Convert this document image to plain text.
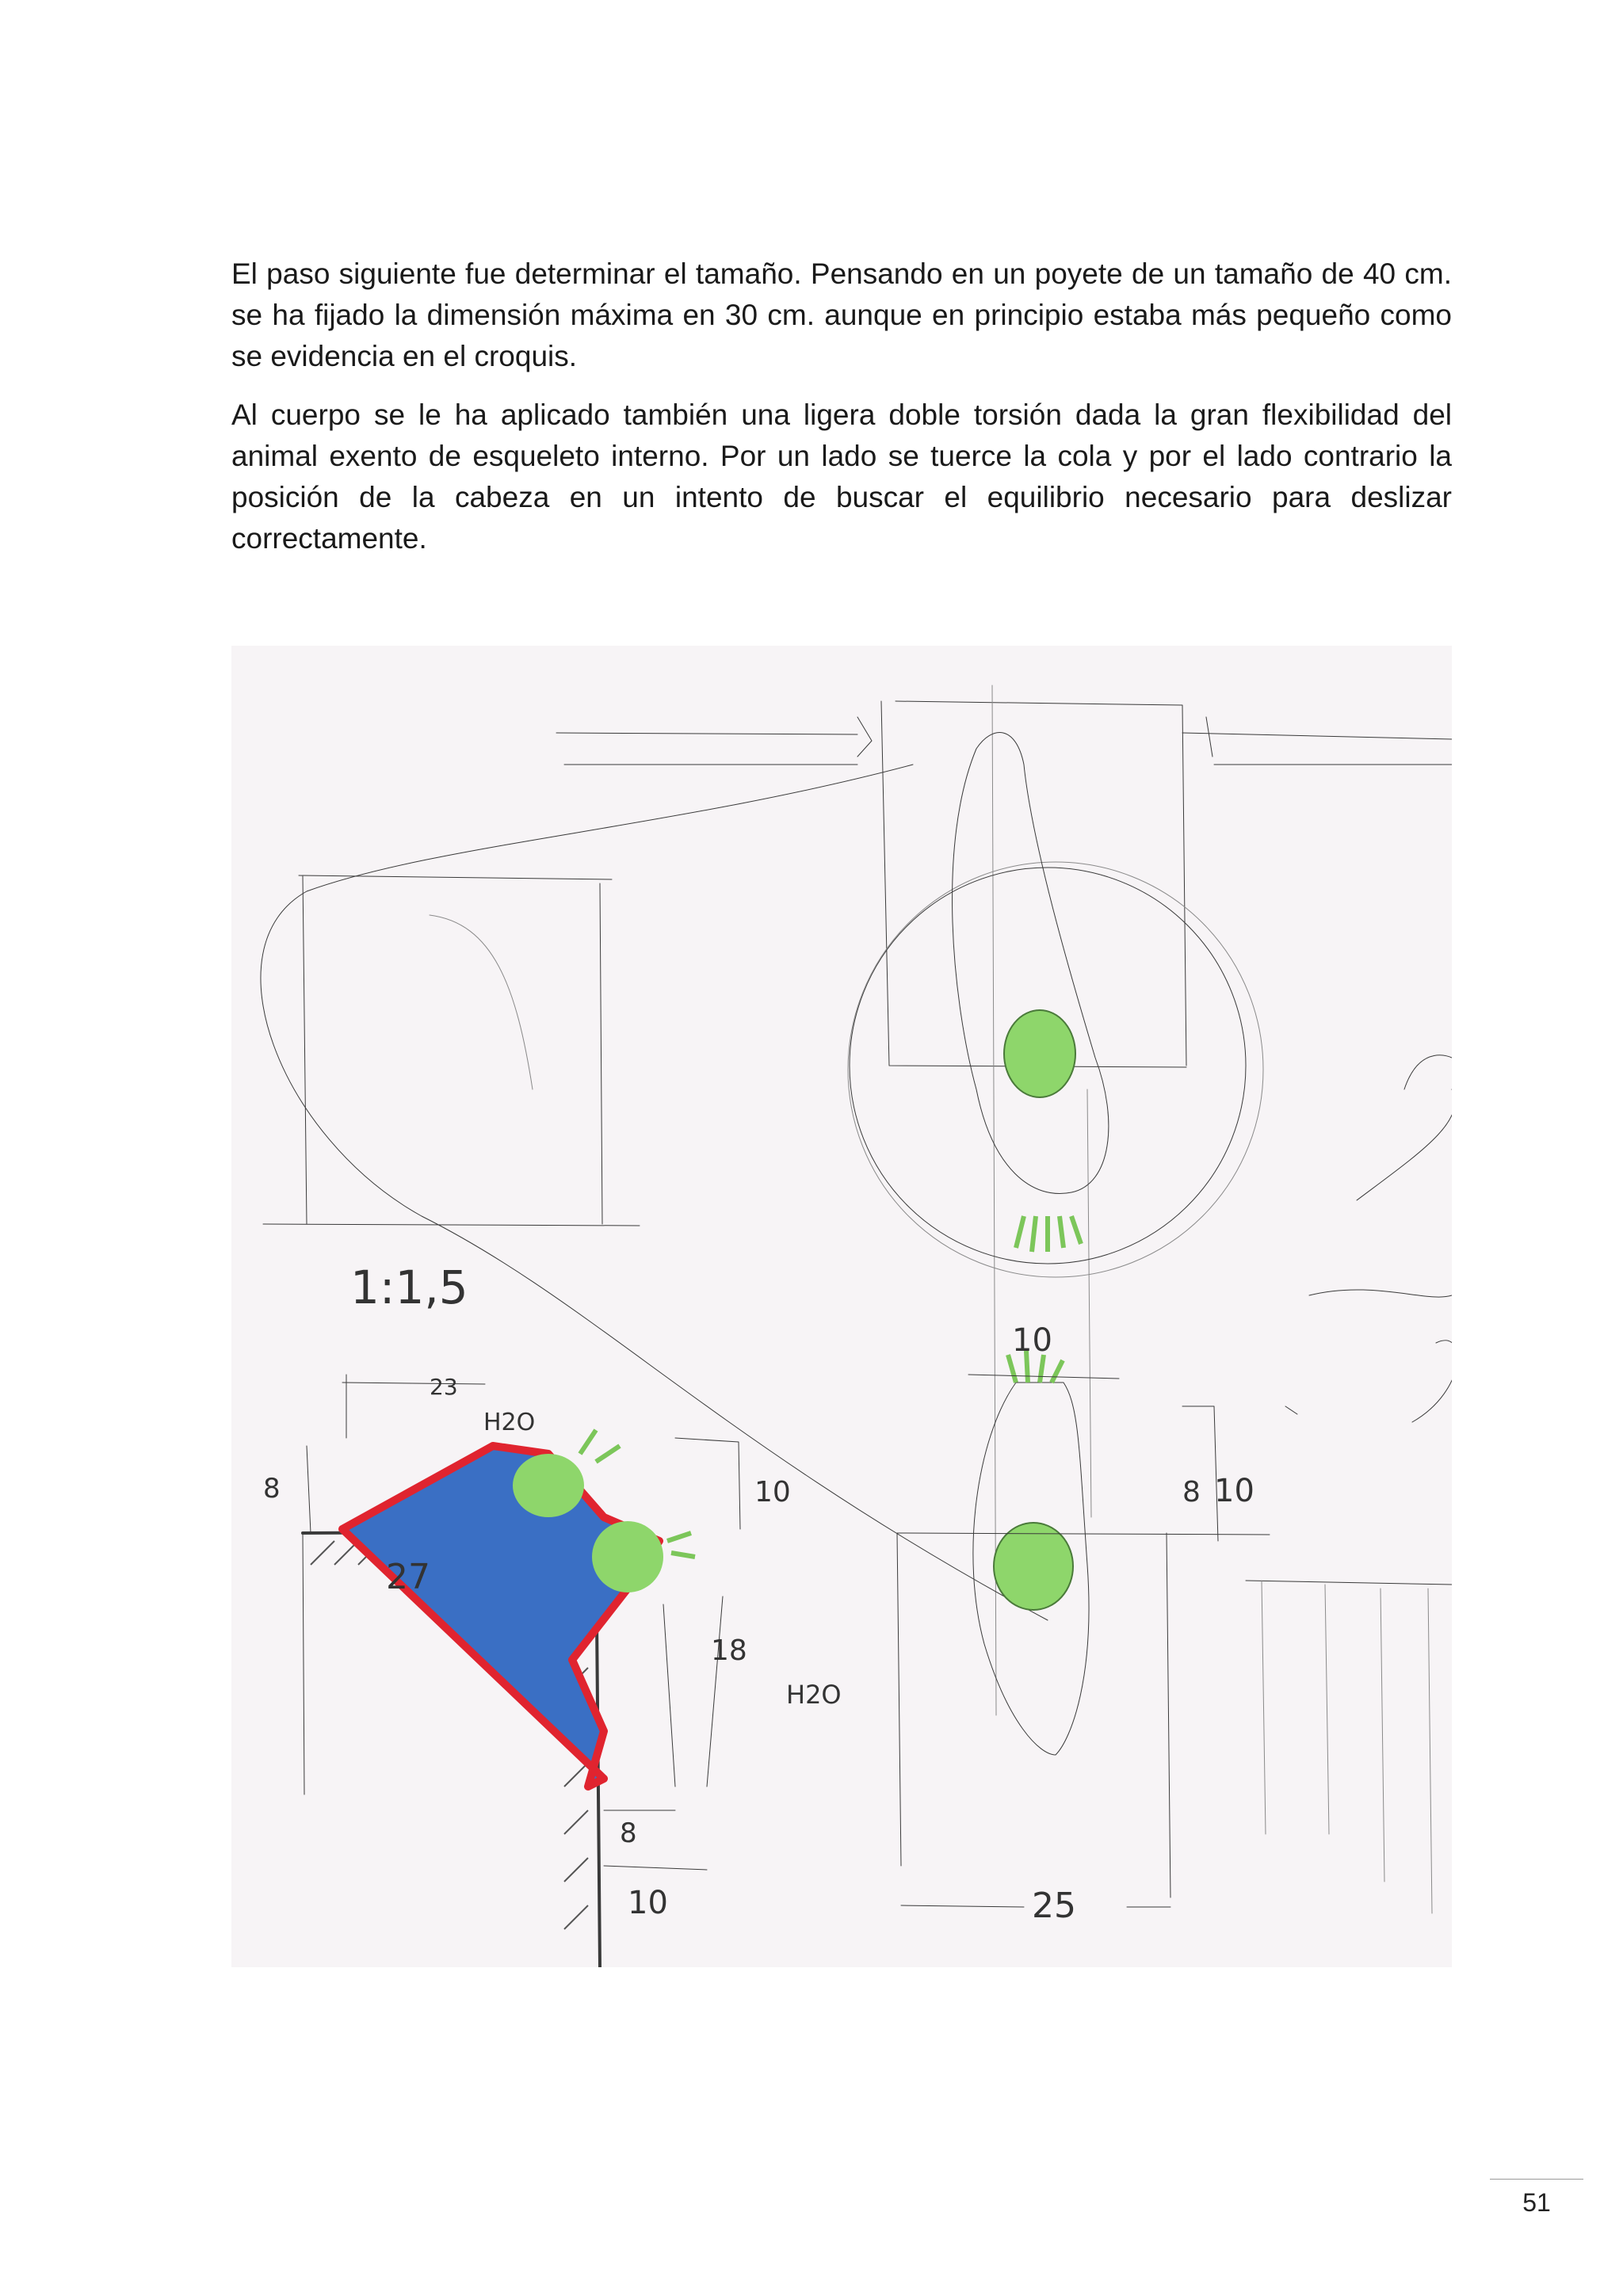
El paso siguiente fue determinar el tamaño. Pensando en un poyete de un tamaño de 40 cm. se ha fijado la dimensión máxima en 30 cm. aunque en principio estaba más pequeño como se evidencia en el croquis.

Al cuerpo se le ha aplicado también una ligera doble torsión dada la gran flexibilidad del animal exento de esqueleto interno. Por un lado se tuerce la cola y por el lado contrario la posición de la cabeza en un intento de buscar el equilibrio necesario para deslizar correctamente.

1:1,5
23
8
27
10
18
8
10
10
8 10
25
H2O
H2O
51
